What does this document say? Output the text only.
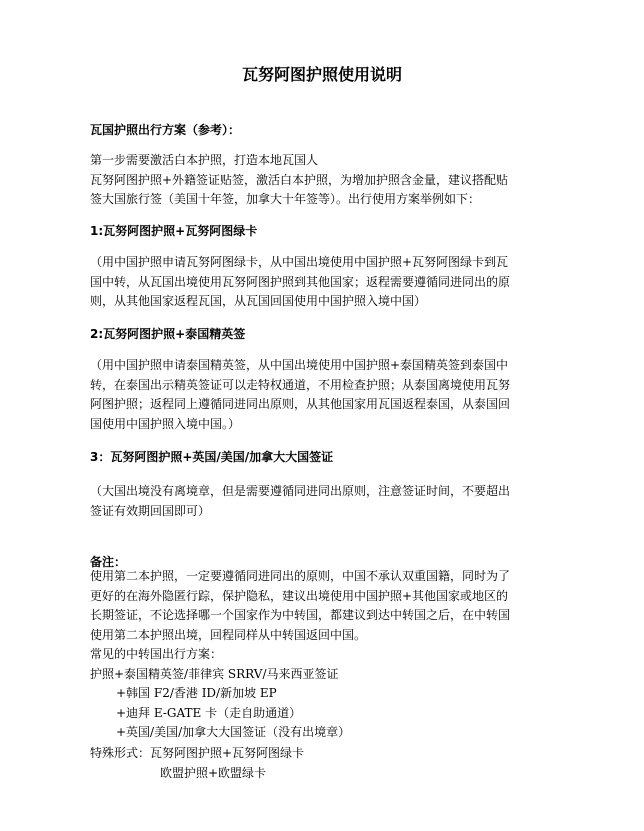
瓦努阿图护照使用说明
瓦国护照出行方案（参考）：
第一步需要激活白本护照，打造本地瓦国人
瓦努阿图护照+外籍签证贴签，激活白本护照，为增加护照含金量，建议搭配贴
签大国旅行签（美国十年签，加拿大十年签等）。出行使用方案举例如下：
1:瓦努阿图护照+瓦努阿图绿卡
（用中国护照申请瓦努阿图绿卡，从中国出境使用中国护照+瓦努阿图绿卡到瓦
国中转，从瓦国出境使用瓦努阿图护照到其他国家；返程需要遵循同进同出的原
则，从其他国家返程瓦国，从瓦国回国使用中国护照入境中国）
2:瓦努阿图护照+泰国精英签
（用中国护照申请泰国精英签，从中国出境使用中国护照+泰国精英签到泰国中
转，在泰国出示精英签证可以走特权通道，不用检查护照；从泰国离境使用瓦努
阿图护照；返程同上遵循同进同出原则，从其他国家用瓦国返程泰国，从泰国回
国使用中国护照入境中国。）
3：瓦努阿图护照+英国/美国/加拿大大国签证
（大国出境没有离境章，但是需要遵循同进同出原则，注意签证时间，不要超出
签证有效期回国即可）
备注：
使用第二本护照，一定要遵循同进同出的原则，中国不承认双重国籍，同时为了
更好的在海外隐匿行踪，保护隐私，建议出境使用中国护照+其他国家或地区的
长期签证，不论选择哪一个国家作为中转国，都建议到达中转国之后，在中转国
使用第二本护照出境，回程同样从中转国返回中国。
常见的中转国出行方案：
护照+泰国精英签/菲律宾 SRRV/马来西亚签证
+韩国 F2/香港 ID/新加坡 EP
+迪拜 E-GATE 卡（走自助通道）
+英国/美国/加拿大大国签证（没有出境章）
特殊形式：瓦努阿图护照+瓦努阿图绿卡
欧盟护照+欧盟绿卡
